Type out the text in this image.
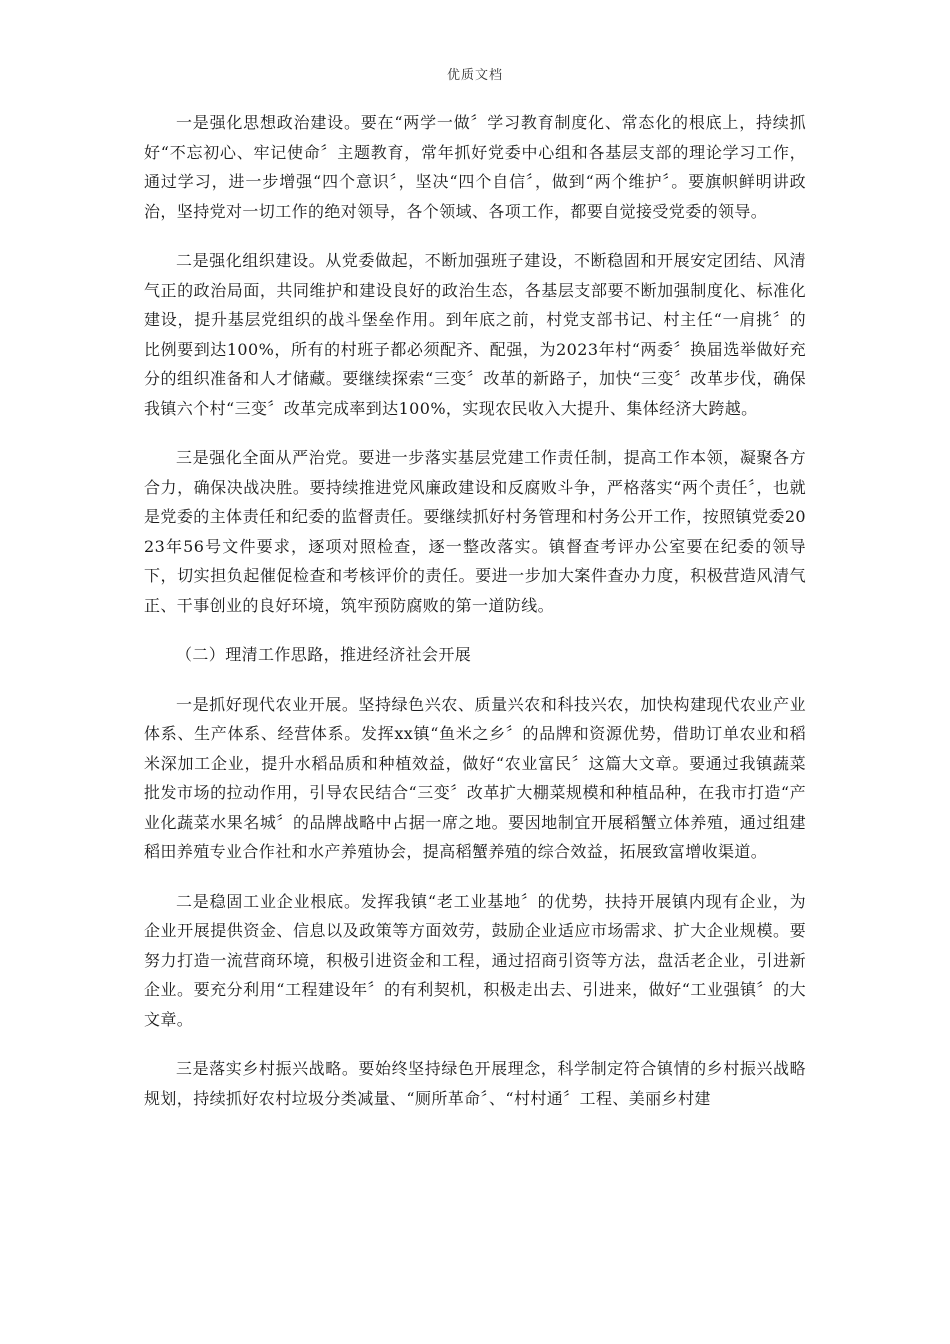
优质文档

一是强化思想政治建设。要在“两学一做〞学习教育制度化、常态化的根底上，持续抓好“不忘初心、牢记使命〞主题教育，常年抓好党委中心组和各基层支部的理论学习工作，通过学习，进一步增强“四个意识〞，坚决“四个自信〞，做到“两个维护〞。要旗帜鲜明讲政治，坚持党对一切工作的绝对领导，各个领域、各项工作，都要自觉接受党委的领导。

二是强化组织建设。从党委做起，不断加强班子建设，不断稳固和开展安定团结、风清气正的政治局面，共同维护和建设良好的政治生态，各基层支部要不断加强制度化、标准化建设，提升基层党组织的战斗堡垒作用。到年底之前，村党支部书记、村主任“一肩挑〞的比例要到达100%，所有的村班子都必须配齐、配强，为2023年村“两委〞换届选举做好充分的组织准备和人才储藏。要继续探索“三变〞改革的新路子，加快“三变〞改革步伐，确保我镇六个村“三变〞改革完成率到达100%，实现农民收入大提升、集体经济大跨越。

三是强化全面从严治党。要进一步落实基层党建工作责任制，提高工作本领，凝聚各方合力，确保决战决胜。要持续推进党风廉政建设和反腐败斗争，严格落实“两个责任〞，也就是党委的主体责任和纪委的监督责任。要继续抓好村务管理和村务公开工作，按照镇党委2023年56号文件要求，逐项对照检查，逐一整改落实。镇督查考评办公室要在纪委的领导下，切实担负起催促检查和考核评价的责任。要进一步加大案件查办力度，积极营造风清气正、干事创业的良好环境，筑牢预防腐败的第一道防线。

（二）理清工作思路，推进经济社会开展

一是抓好现代农业开展。坚持绿色兴农、质量兴农和科技兴农，加快构建现代农业产业体系、生产体系、经营体系。发挥xx镇“鱼米之乡〞的品牌和资源优势，借助订单农业和稻米深加工企业，提升水稻品质和种植效益，做好“农业富民〞这篇大文章。要通过我镇蔬菜批发市场的拉动作用，引导农民结合“三变〞改革扩大棚菜规模和种植品种，在我市打造“产业化蔬菜水果名城〞的品牌战略中占据一席之地。要因地制宜开展稻蟹立体养殖，通过组建稻田养殖专业合作社和水产养殖协会，提高稻蟹养殖的综合效益，拓展致富增收渠道。

二是稳固工业企业根底。发挥我镇“老工业基地〞的优势，扶持开展镇内现有企业，为企业开展提供资金、信息以及政策等方面效劳，鼓励企业适应市场需求、扩大企业规模。要努力打造一流营商环境，积极引进资金和工程，通过招商引资等方法，盘活老企业，引进新企业。要充分利用“工程建设年〞的有利契机，积极走出去、引进来，做好“工业强镇〞的大文章。

三是落实乡村振兴战略。要始终坚持绿色开展理念，科学制定符合镇情的乡村振兴战略规划，持续抓好农村垃圾分类减量、“厕所革命〞、“村村通〞工程、美丽乡村建
